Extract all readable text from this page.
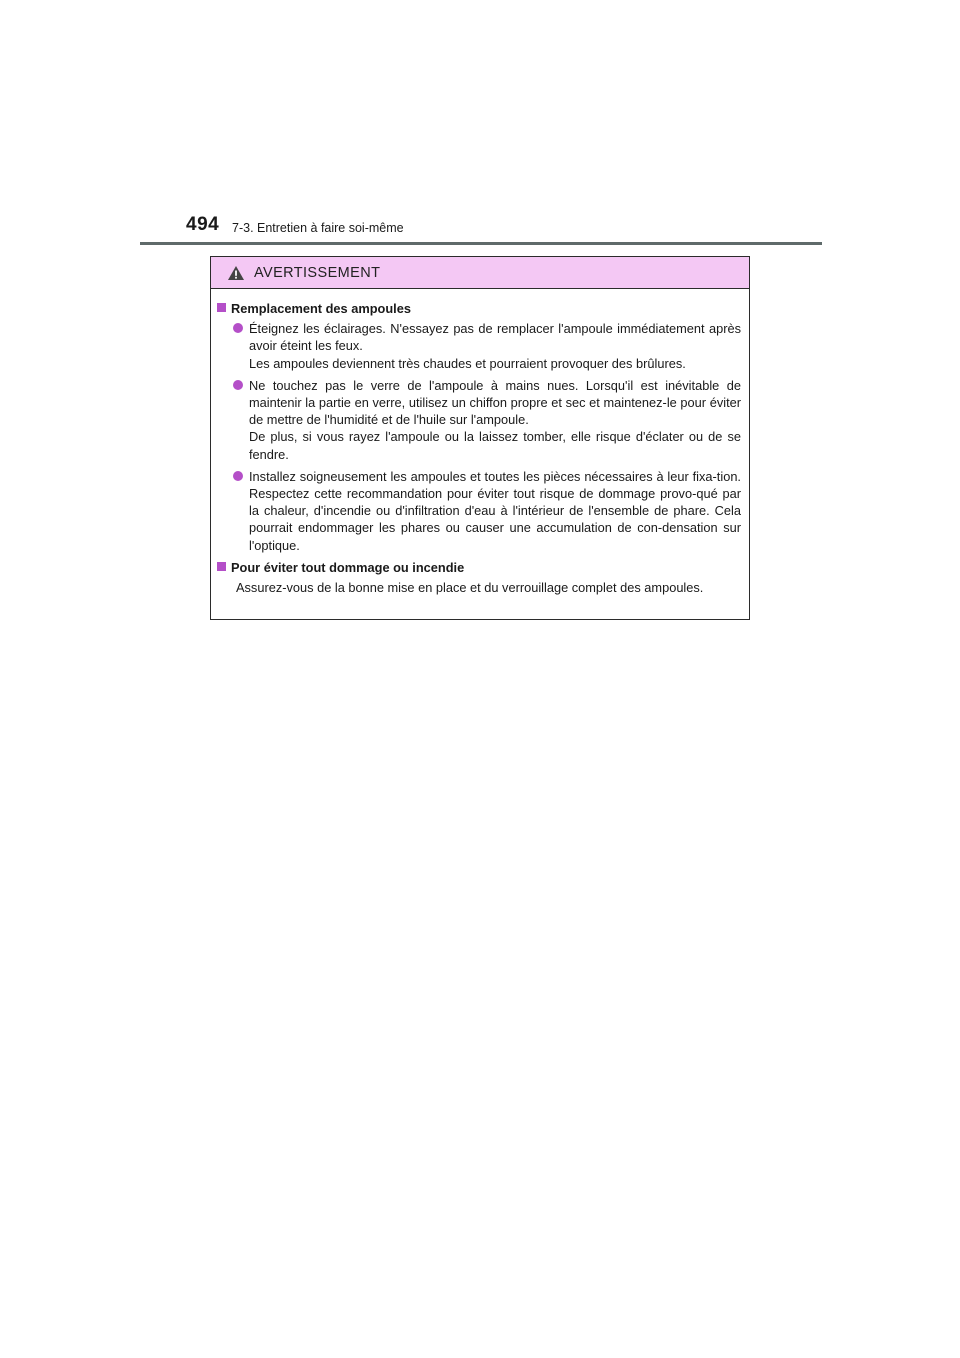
494 7-3. Entretien à faire soi-même
AVERTISSEMENT
Remplacement des ampoules

Éteignez les éclairages. N'essayez pas de remplacer l'ampoule immédiatement après avoir éteint les feux.

Les ampoules deviennent très chaudes et pourraient provoquer des brûlures.

Ne touchez pas le verre de l'ampoule à mains nues. Lorsqu'il est inévitable de maintenir la partie en verre, utilisez un chiffon propre et sec et maintenez-le pour éviter de mettre de l'humidité et de l'huile sur l'ampoule.

De plus, si vous rayez l'ampoule ou la laissez tomber, elle risque d'éclater ou de se fendre.

Installez soigneusement les ampoules et toutes les pièces nécessaires à leur fixa-tion. Respectez cette recommandation pour éviter tout risque de dommage provo-qué par la chaleur, d'incendie ou d'infiltration d'eau à l'intérieur de l'ensemble de phare. Cela pourrait endommager les phares ou causer une accumulation de con-densation sur l'optique.

Pour éviter tout dommage ou incendie
Assurez-vous de la bonne mise en place et du verrouillage complet des ampoules.
